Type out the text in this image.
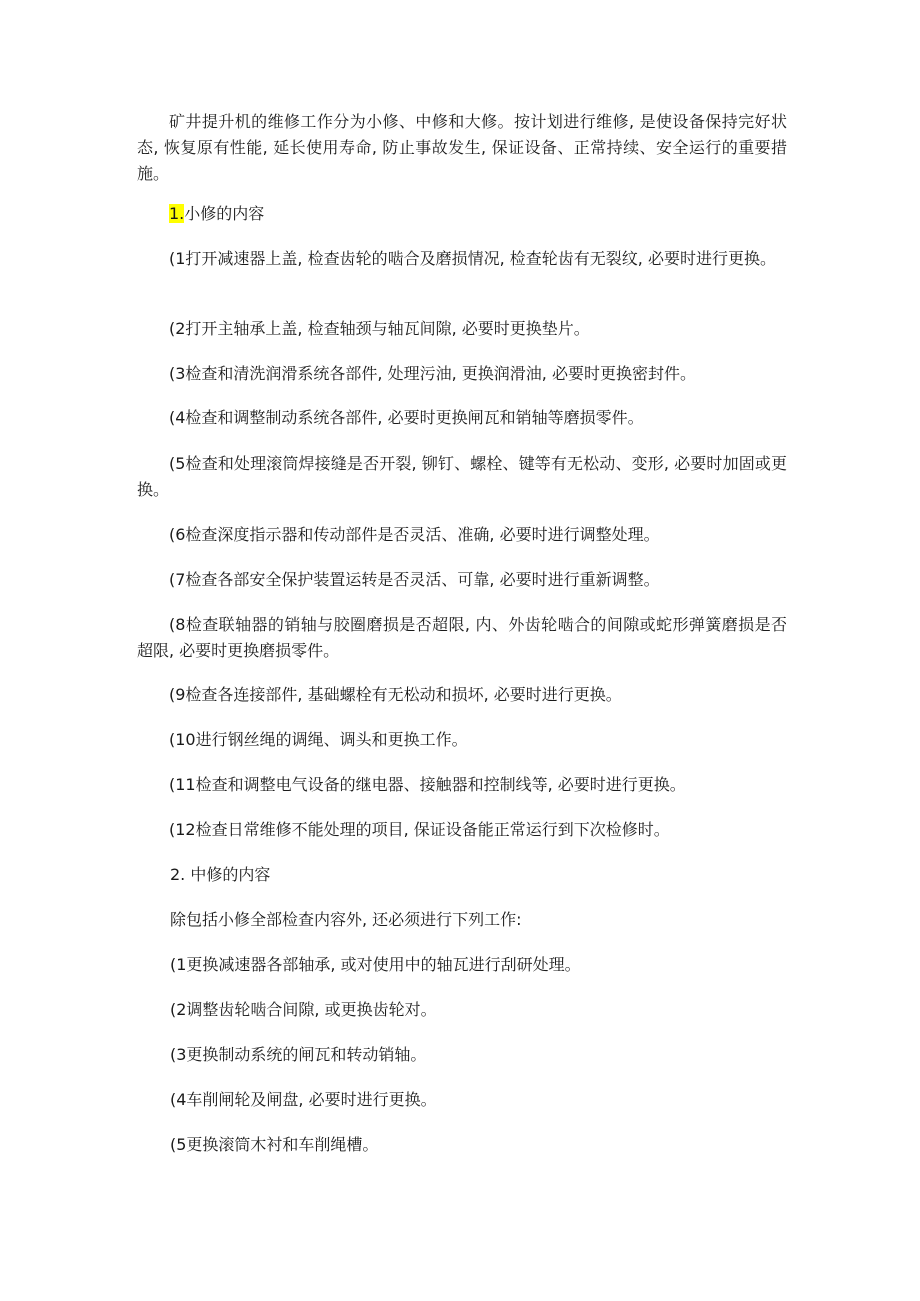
矿井提升机的维修工作分为小修、中修和大修。按计划进行维修, 是使设备保持完好状态, 恢复原有性能, 延长使用寿命, 防止事故发生, 保证设备、正常持续、安全运行的重要措施。

1.小修的内容

(1打开减速器上盖, 检查齿轮的啮合及磨损情况, 检查轮齿有无裂纹, 必要时进行更换。

(2打开主轴承上盖, 检查轴颈与轴瓦间隙, 必要时更换垫片。

(3检查和清洗润滑系统各部件, 处理污油, 更换润滑油, 必要时更换密封件。

(4检查和调整制动系统各部件, 必要时更换闸瓦和销轴等磨损零件。

(5检查和处理滚筒焊接缝是否开裂, 铆钉、螺栓、键等有无松动、变形, 必要时加固或更换。

(6检查深度指示器和传动部件是否灵活、准确, 必要时进行调整处理。

(7检查各部安全保护装置运转是否灵活、可靠, 必要时进行重新调整。

(8检查联轴器的销轴与胶圈磨损是否超限, 内、外齿轮啮合的间隙或蛇形弹簧磨损是否超限, 必要时更换磨损零件。

(9检查各连接部件, 基础螺栓有无松动和损坏, 必要时进行更换。

(10进行钢丝绳的调绳、调头和更换工作。

(11检查和调整电气设备的继电器、接触器和控制线等, 必要时进行更换。

(12检查日常维修不能处理的项目, 保证设备能正常运行到下次检修时。

2. 中修的内容

除包括小修全部检查内容外, 还必须进行下列工作:

(1更换减速器各部轴承, 或对使用中的轴瓦进行刮研处理。

(2调整齿轮啮合间隙, 或更换齿轮对。

(3更换制动系统的闸瓦和转动销轴。

(4车削闸轮及闸盘, 必要时进行更换。

(5更换滚筒木衬和车削绳槽。
